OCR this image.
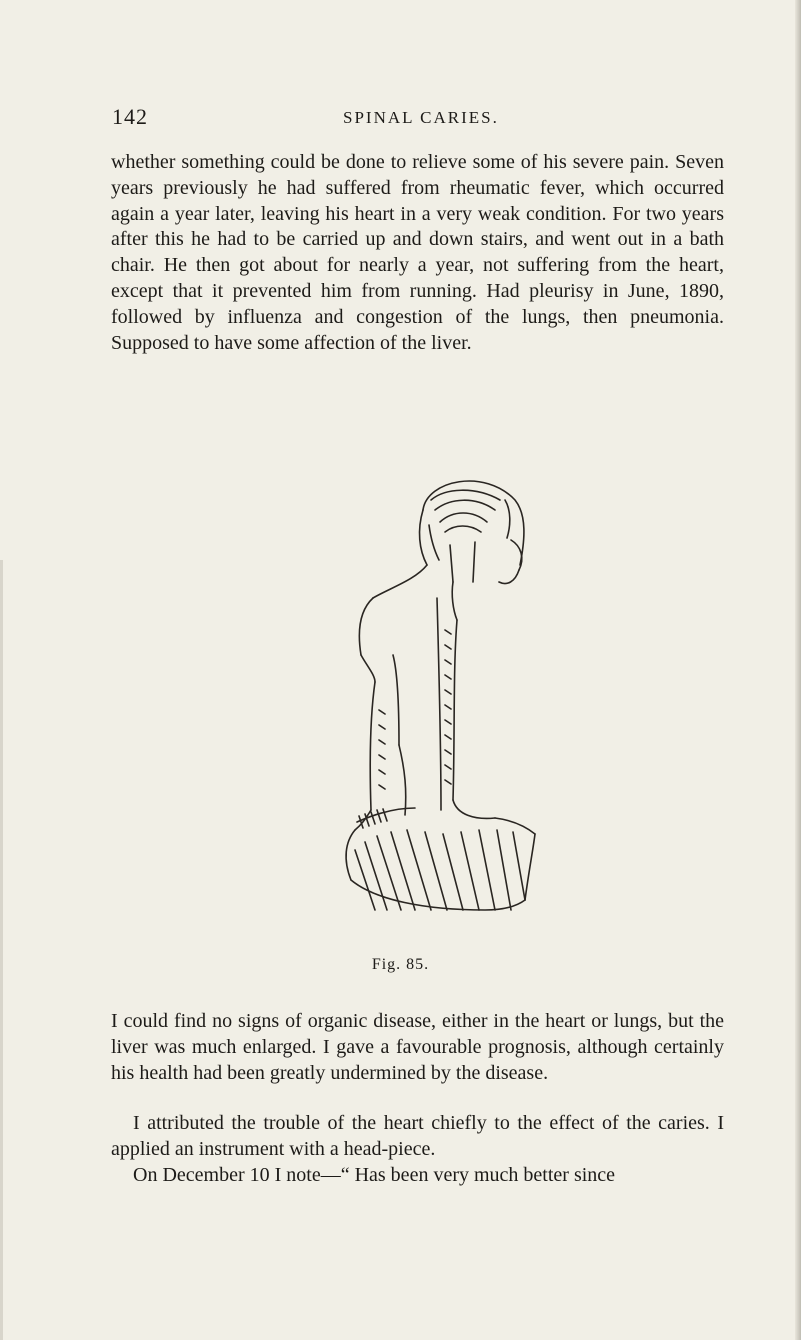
142	SPINAL CARIES.

whether something could be done to relieve some of his severe pain. Seven years previously he had suffered from rheumatic fever, which occurred again a year later, leaving his heart in a very weak condition. For two years after this he had to be carried up and down stairs, and went out in a bath chair. He then got about for nearly a year, not suffering from the heart, except that it prevented him from running. Had pleurisy in June, 1890, followed by influenza and congestion of the lungs, then pneumonia. Supposed to have some affection of the liver.

Fig. 85.

I could find no signs of organic disease, either in the heart or lungs, but the liver was much enlarged. I gave a favourable prognosis, although certainly his health had been greatly undermined by the disease.

I attributed the trouble of the heart chiefly to the effect of the caries. I applied an instrument with a head-piece.

On December 10 I note—“ Has been very much better since
